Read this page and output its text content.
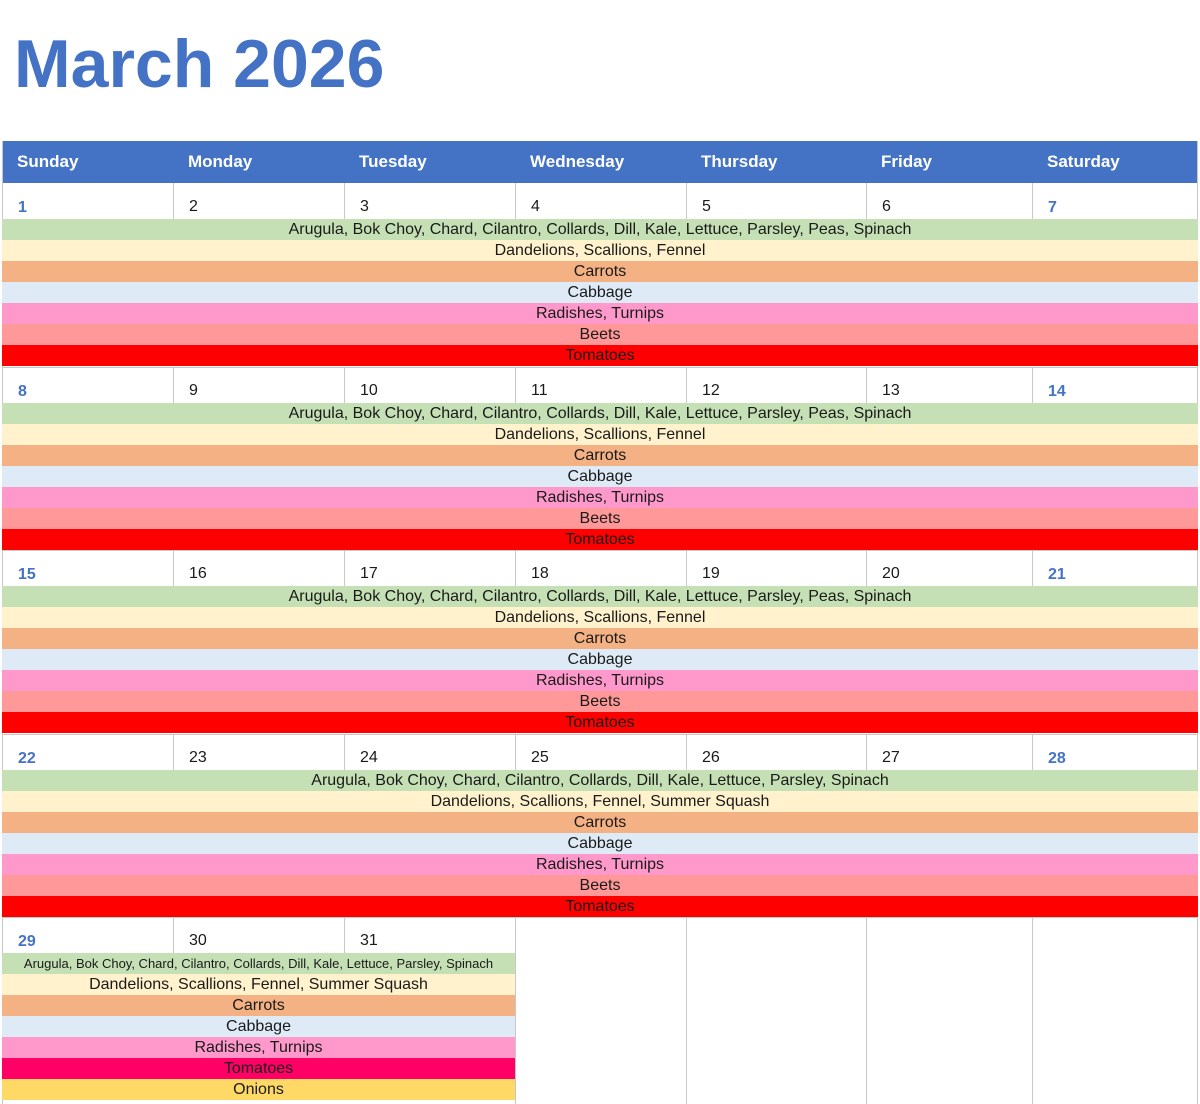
March 2026
Sunday	Monday	Tuesday	Wednesday	Thursday	Friday	Saturday
1	2	3	4	5	6	7
Arugula, Bok Choy, Chard, Cilantro, Collards, Dill, Kale, Lettuce, Parsley, Peas, Spinach
Dandelions, Scallions, Fennel
Carrots
Cabbage
Radishes, Turnips
Beets
Tomatoes
8	9	10	11	12	13	14
Arugula, Bok Choy, Chard, Cilantro, Collards, Dill, Kale, Lettuce, Parsley, Peas, Spinach
Dandelions, Scallions, Fennel
Carrots
Cabbage
Radishes, Turnips
Beets
Tomatoes
15	16	17	18	19	20	21
Arugula, Bok Choy, Chard, Cilantro, Collards, Dill, Kale, Lettuce, Parsley, Peas, Spinach
Dandelions, Scallions, Fennel
Carrots
Cabbage
Radishes, Turnips
Beets
Tomatoes
22	23	24	25	26	27	28
Arugula, Bok Choy, Chard, Cilantro, Collards, Dill, Kale, Lettuce, Parsley, Spinach
Dandelions, Scallions, Fennel, Summer Squash
Carrots
Cabbage
Radishes, Turnips
Beets
Tomatoes
29	30	31
Arugula, Bok Choy, Chard, Cilantro, Collards, Dill, Kale, Lettuce, Parsley, Spinach
Dandelions, Scallions, Fennel, Summer Squash
Carrots
Cabbage
Radishes, Turnips
Tomatoes
Onions
